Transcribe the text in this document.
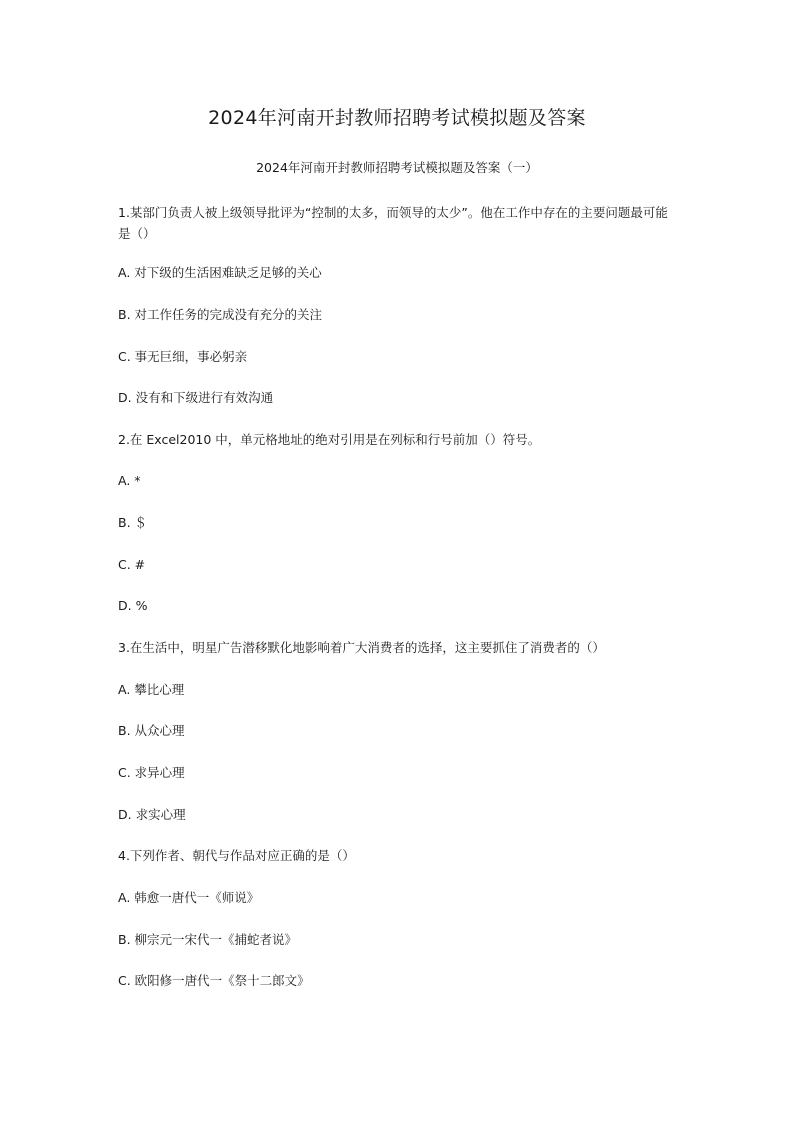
2024年河南开封教师招聘考试模拟题及答案
2024年河南开封教师招聘考试模拟题及答案（一）
1.某部门负责人被上级领导批评为“控制的太多，而领导的太少”。他在工作中存在的主要问题最可能是（）
A. 对下级的生活困难缺乏足够的关心
B. 对工作任务的完成没有充分的关注
C. 事无巨细，事必躬亲
D. 没有和下级进行有效沟通
2.在 Excel2010 中，单元格地址的绝对引用是在列标和行号前加（）符号。
A. *
B. ＄
C. #
D. %
3.在生活中，明星广告潜移默化地影响着广大消费者的选择，这主要抓住了消费者的（）
A. 攀比心理
B. 从众心理
C. 求异心理
D. 求实心理
4.下列作者、朝代与作品对应正确的是（）
A. 韩愈一唐代一《师说》
B. 柳宗元一宋代一《捕蛇者说》
C. 欧阳修一唐代一《祭十二郎文》
